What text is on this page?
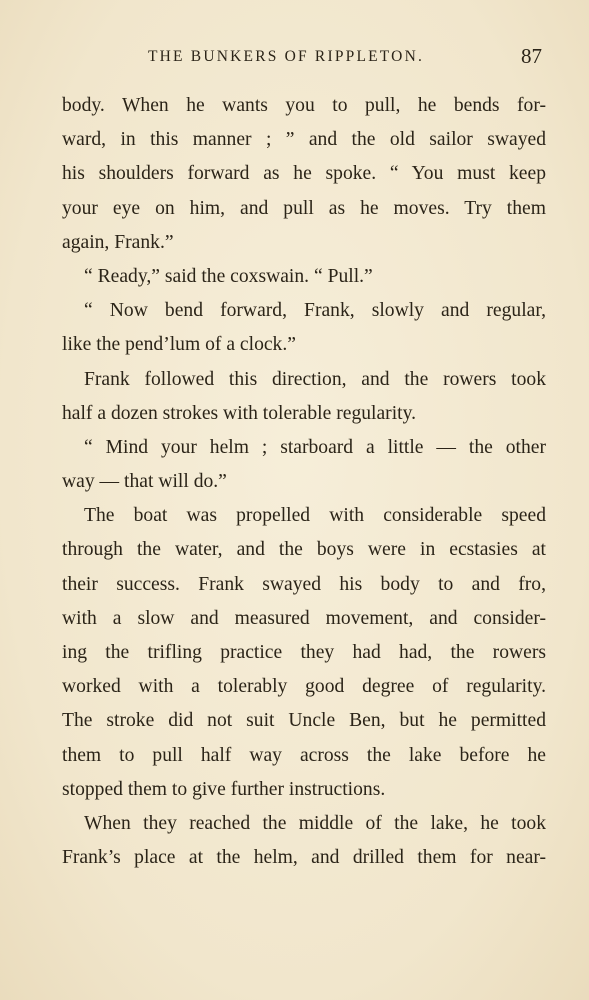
THE BUNKERS OF RIPPLETON.	87
body. When he wants you to pull, he bends for-
ward, in this manner ; ” and the old sailor swayed
his shoulders forward as he spoke. “ You must keep
your eye on him, and pull as he moves. Try them
again, Frank.”
“ Ready,” said the coxswain. “ Pull.”
“ Now bend forward, Frank, slowly and regular,
like the pend’lum of a clock.”
Frank followed this direction, and the rowers took
half a dozen strokes with tolerable regularity.
“ Mind your helm ; starboard a little — the other
way — that will do.”
The boat was propelled with considerable speed
through the water, and the boys were in ecstasies at
their success. Frank swayed his body to and fro,
with a slow and measured movement, and consider-
ing the trifling practice they had had, the rowers
worked with a tolerably good degree of regularity.
The stroke did not suit Uncle Ben, but he permitted
them to pull half way across the lake before he
stopped them to give further instructions.
When they reached the middle of the lake, he took
Frank’s place at the helm, and drilled them for near-
